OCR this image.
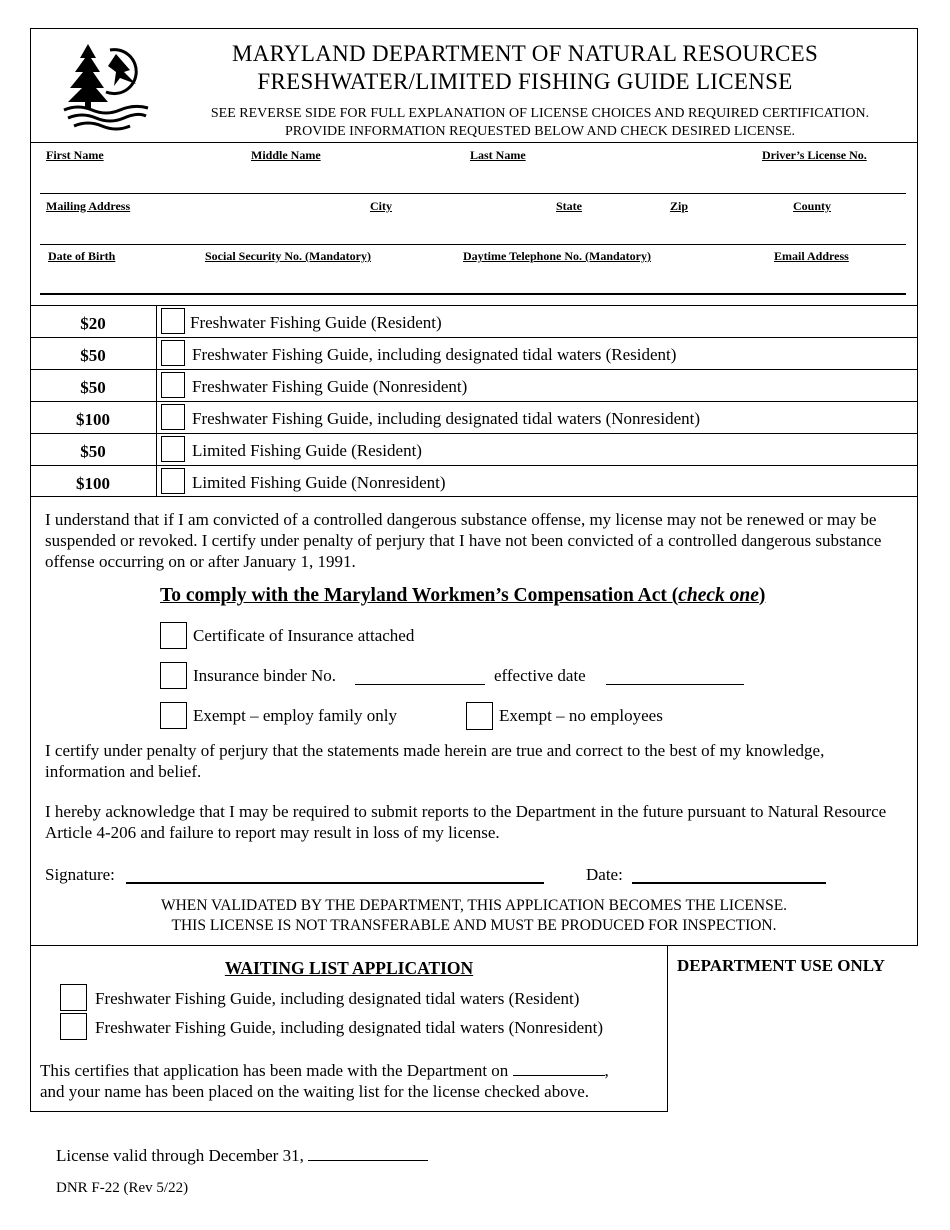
MARYLAND DEPARTMENT OF NATURAL RESOURCES
FRESHWATER/LIMITED FISHING GUIDE LICENSE
SEE REVERSE SIDE FOR FULL EXPLANATION OF LICENSE CHOICES AND REQUIRED CERTIFICATION.
PROVIDE INFORMATION REQUESTED BELOW AND CHECK DESIRED LICENSE.
First Name	Middle Name	Last Name	Driver’s License No.
Mailing Address	City	State	Zip	County
Date of Birth	Social Security No. (Mandatory)	Daytime Telephone No. (Mandatory)	Email Address
$20	Freshwater Fishing Guide (Resident)
$50	Freshwater Fishing Guide, including designated tidal waters (Resident)
$50	Freshwater Fishing Guide (Nonresident)
$100	Freshwater Fishing Guide, including designated tidal waters (Nonresident)
$50	Limited Fishing Guide (Resident)
$100	Limited Fishing Guide (Nonresident)
I understand that if I am convicted of a controlled dangerous substance offense, my license may not be renewed or may be suspended or revoked. I certify under penalty of perjury that I have not been convicted of a controlled dangerous substance offense occurring on or after January 1, 1991.
To comply with the Maryland Workmen’s Compensation Act (check one)
Certificate of Insurance attached
Insurance binder No.	effective date
Exempt – employ family only	Exempt – no employees
I certify under penalty of perjury that the statements made herein are true and correct to the best of my knowledge, information and belief.
I hereby acknowledge that I may be required to submit reports to the Department in the future pursuant to Natural Resource Article 4-206 and failure to report may result in loss of my license.
Signature:	Date:
WHEN VALIDATED BY THE DEPARTMENT, THIS APPLICATION BECOMES THE LICENSE.
THIS LICENSE IS NOT TRANSFERABLE AND MUST BE PRODUCED FOR INSPECTION.
WAITING LIST APPLICATION
Freshwater Fishing Guide, including designated tidal waters (Resident)
Freshwater Fishing Guide, including designated tidal waters (Nonresident)
This certifies that application has been made with the Department on	,
and your name has been placed on the waiting list for the license checked above.
DEPARTMENT USE ONLY
License valid through December 31,
DNR F-22 (Rev 5/22)
